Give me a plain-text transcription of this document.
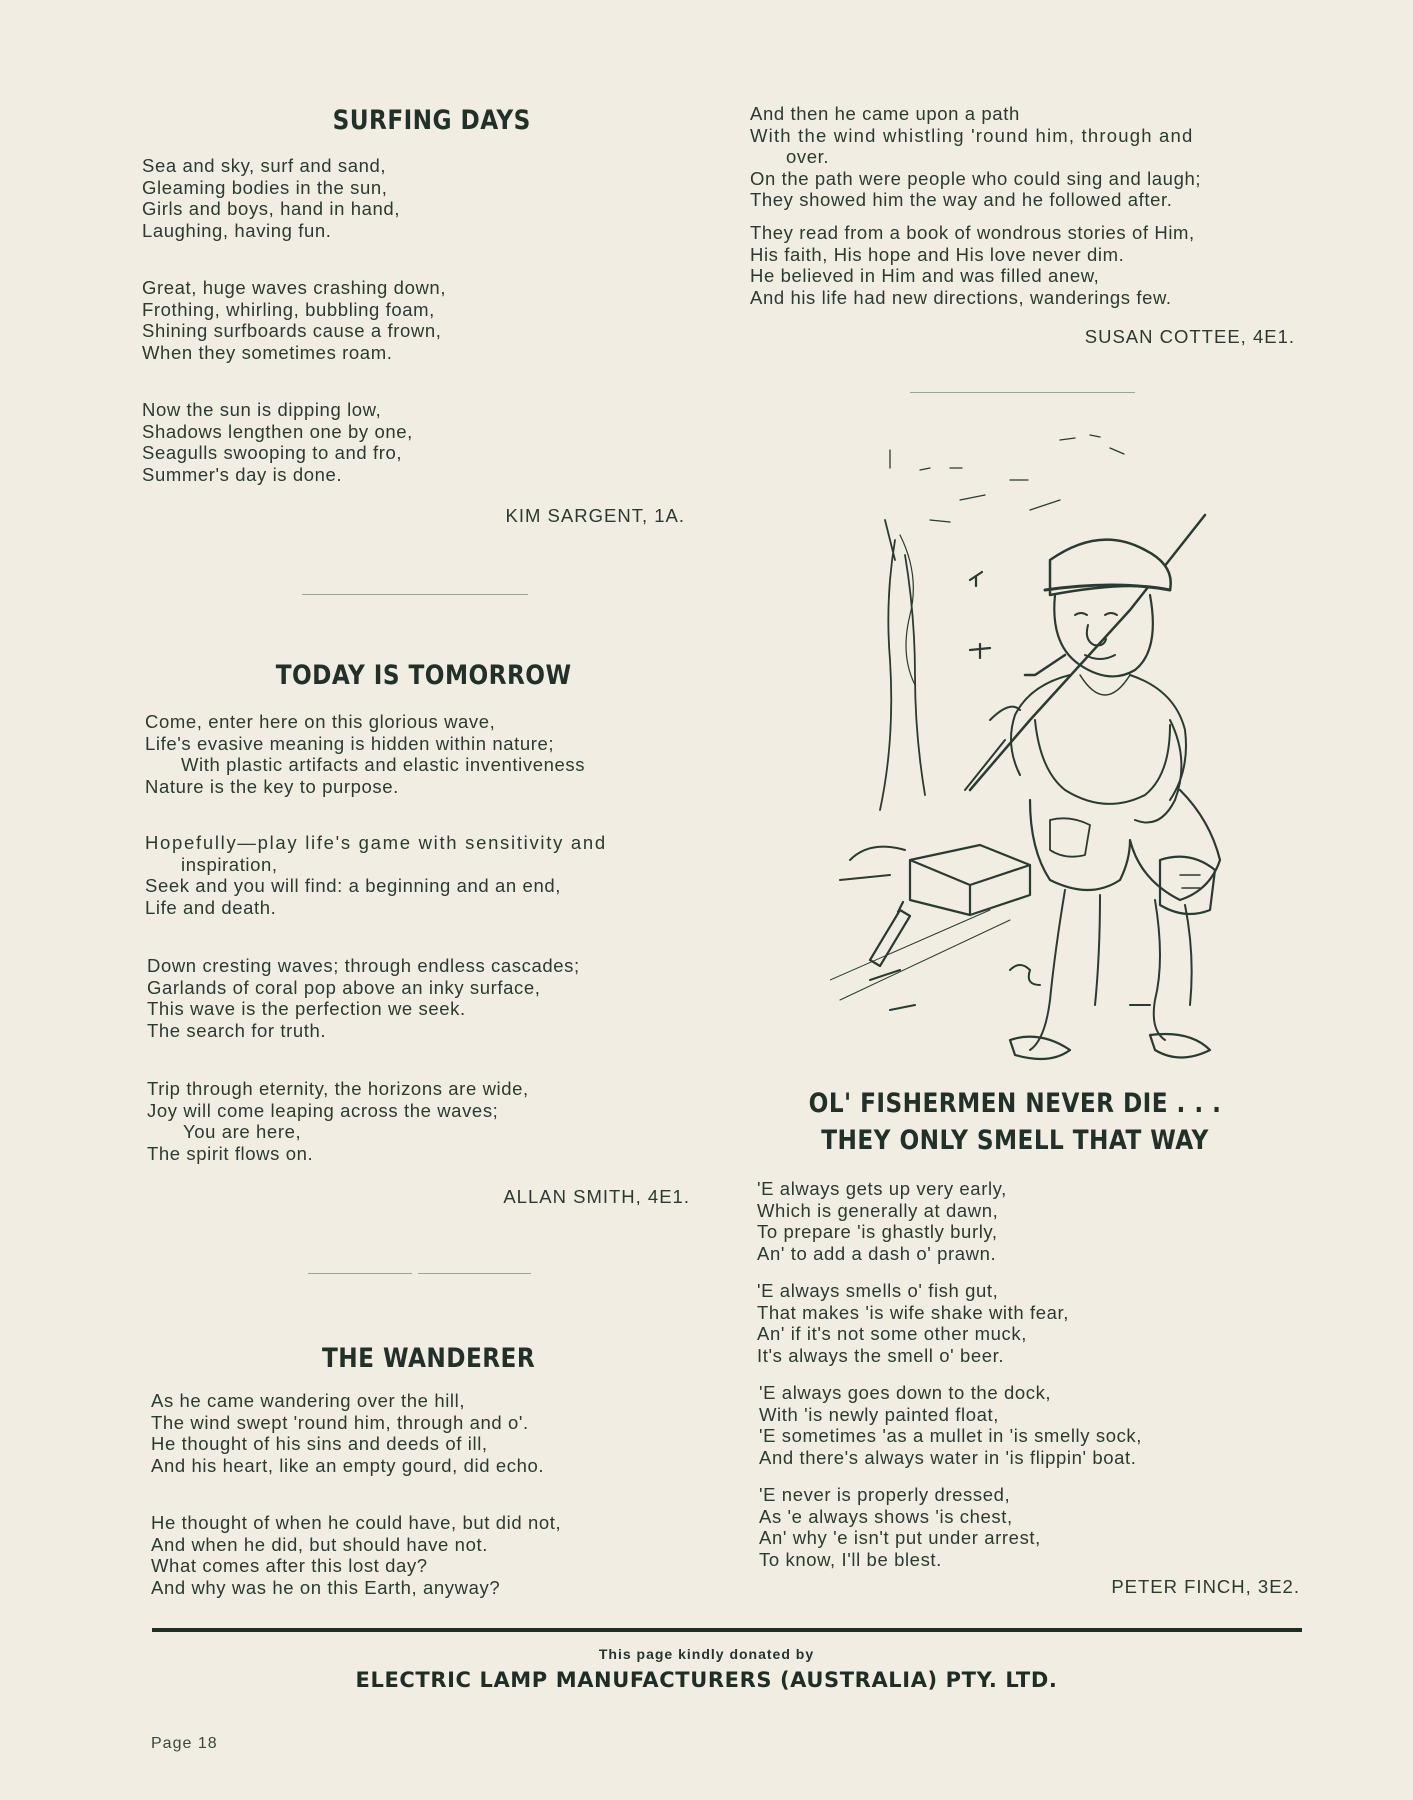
SURFING DAYS
Sea and sky, surf and sand,
Gleaming bodies in the sun,
Girls and boys, hand in hand,
Laughing, having fun.
Great, huge waves crashing down,
Frothing, whirling, bubbling foam,
Shining surfboards cause a frown,
When they sometimes roam.
Now the sun is dipping low,
Shadows lengthen one by one,
Seagulls swooping to and fro,
Summer's day is done.
KIM SARGENT, 1A.
TODAY IS TOMORROW
Come, enter here on this glorious wave,
Life's evasive meaning is hidden within nature;
With plastic artifacts and elastic inventiveness
Nature is the key to purpose.
Hopefully—play life's game with sensitivity and
inspiration,
Seek and you will find: a beginning and an end,
Life and death.
Down cresting waves; through endless cascades;
Garlands of coral pop above an inky surface,
This wave is the perfection we seek.
The search for truth.
Trip through eternity, the horizons are wide,
Joy will come leaping across the waves;
You are here,
The spirit flows on.
ALLAN SMITH, 4E1.
THE WANDERER
As he came wandering over the hill,
The wind swept 'round him, through and o'.
He thought of his sins and deeds of ill,
And his heart, like an empty gourd, did echo.
He thought of when he could have, but did not,
And when he did, but should have not.
What comes after this lost day?
And why was he on this Earth, anyway?
And then he came upon a path
With the wind whistling 'round him, through and
over.
On the path were people who could sing and laugh;
They showed him the way and he followed after.
They read from a book of wondrous stories of Him,
His faith, His hope and His love never dim.
He believed in Him and was filled anew,
And his life had new directions, wanderings few.
SUSAN COTTEE, 4E1.
OL' FISHERMEN NEVER DIE . . .
THEY ONLY SMELL THAT WAY
'E always gets up very early,
Which is generally at dawn,
To prepare 'is ghastly burly,
An' to add a dash o' prawn.
'E always smells o' fish gut,
That makes 'is wife shake with fear,
An' if it's not some other muck,
It's always the smell o' beer.
'E always goes down to the dock,
With 'is newly painted float,
'E sometimes 'as a mullet in 'is smelly sock,
And there's always water in 'is flippin' boat.
'E never is properly dressed,
As 'e always shows 'is chest,
An' why 'e isn't put under arrest,
To know, I'll be blest.
PETER FINCH, 3E2.
This page kindly donated by
ELECTRIC LAMP MANUFACTURERS (AUSTRALIA) PTY. LTD.
Page 18
